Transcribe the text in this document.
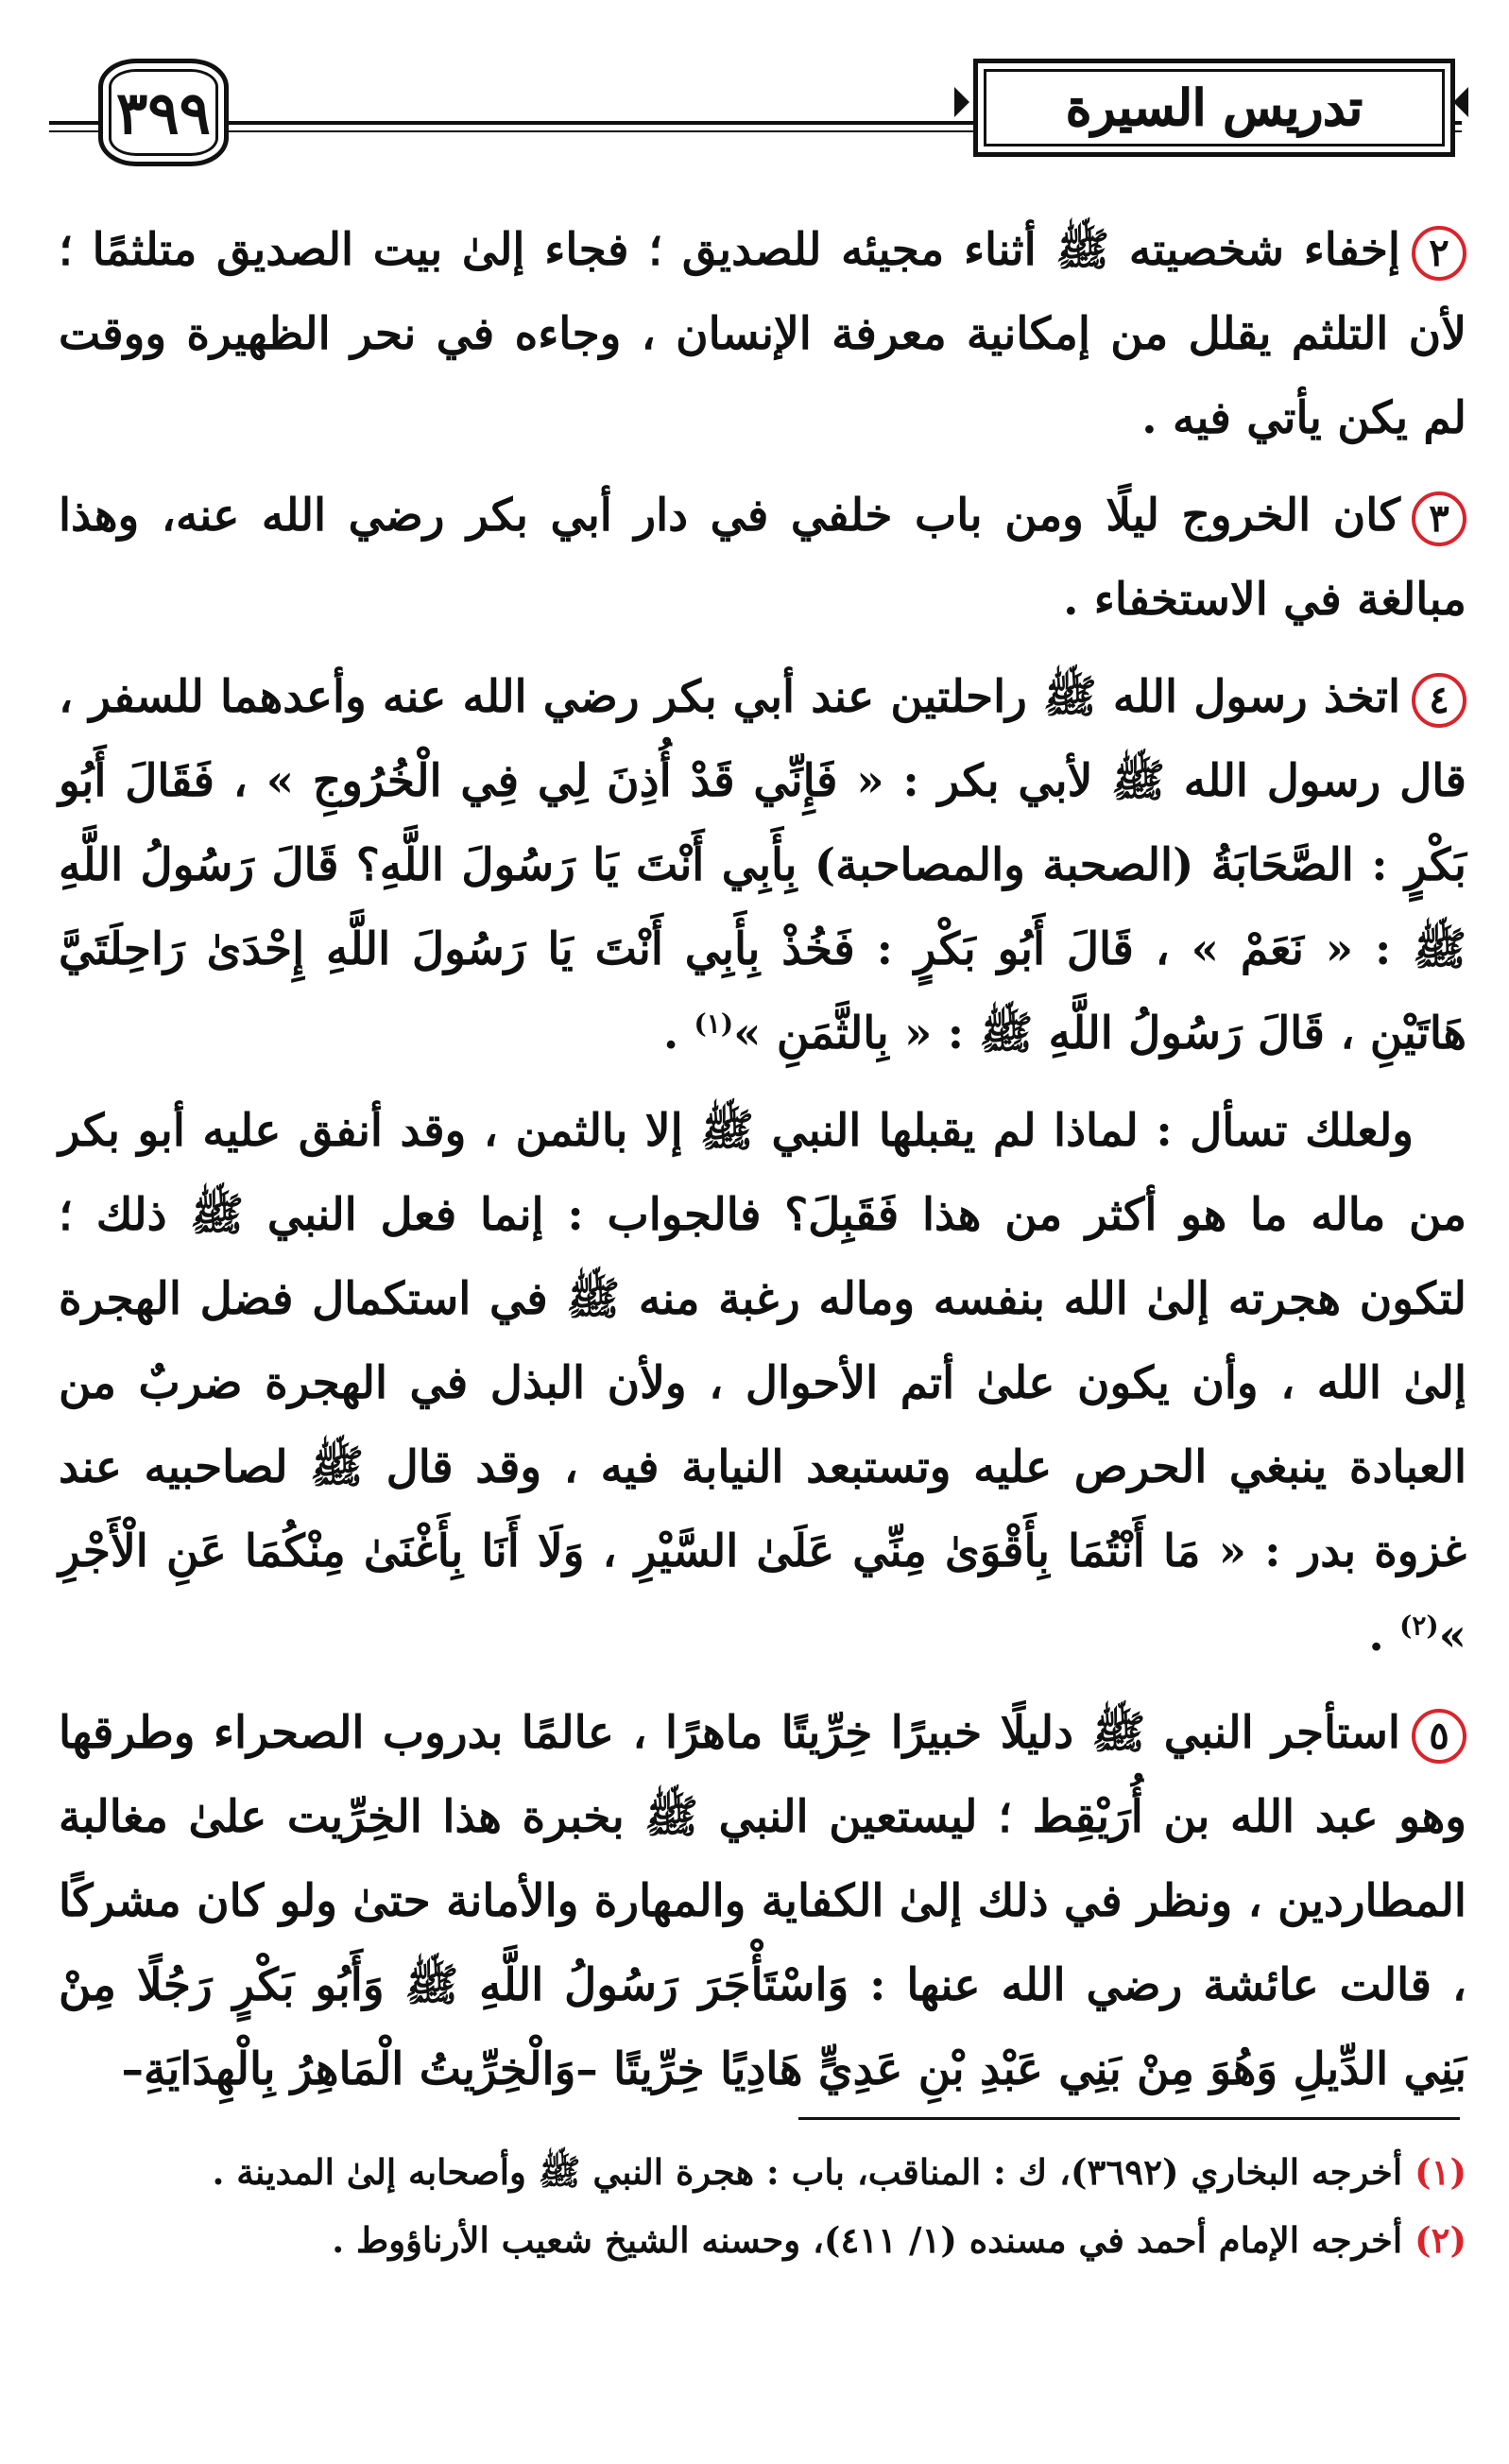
٣٩٩	تدريس السيرة

٢إخفاء شخصيته ﷺ أثناء مجيئه للصديق ؛ فجاء إلىٰ بيت الصديق متلثمًا ؛ لأن التلثم يقلل من إمكانية معرفة الإنسان ، وجاءه في نحر الظهيرة ووقت لم يكن يأتي فيه .

٣كان الخروج ليلًا ومن باب خلفي في دار أبي بكر رضي الله عنه، وهذا مبالغة في الاستخفاء .

٤اتخذ رسول الله ﷺ راحلتين عند أبي بكر رضي الله عنه وأعدهما للسفر ، قال رسول الله ﷺ لأبي بكر : « فَإِنِّي قَدْ أُذِنَ لِي فِي الْخُرُوجِ » ، فَقَالَ أَبُو بَكْرٍ : الصَّحَابَةُ (الصحبة والمصاحبة) بِأَبِي أَنْتَ يَا رَسُولَ اللَّهِ؟ قَالَ رَسُولُ اللَّهِ ﷺ : « نَعَمْ » ، قَالَ أَبُو بَكْرٍ : فَخُذْ بِأَبِي أَنْتَ يَا رَسُولَ اللَّهِ إِحْدَىٰ رَاحِلَتَيَّ هَاتَيْنِ ، قَالَ رَسُولُ اللَّهِ ﷺ : « بِالثَّمَنِ »$^{(١)}$ .

ولعلك تسأل : لماذا لم يقبلها النبي ﷺ إلا بالثمن ، وقد أنفق عليه أبو بكر من ماله ما هو أكثر من هذا فَقَبِلَ؟ فالجواب : إنما فعل النبي ﷺ ذلك ؛ لتكون هجرته إلىٰ الله بنفسه وماله رغبة منه ﷺ في استكمال فضل الهجرة إلىٰ الله ، وأن يكون علىٰ أتم الأحوال ، ولأن البذل في الهجرة ضربٌ من العبادة ينبغي الحرص عليه وتستبعد النيابة فيه ، وقد قال ﷺ لصاحبيه عند غزوة بدر : « مَا أَنْتُمَا بِأَقْوَىٰ مِنِّي عَلَىٰ السَّيْرِ ، وَلَا أَنَا بِأَغْنَىٰ مِنْكُمَا عَنِ الْأَجْرِ »$^{(٢)}$ .

٥استأجر النبي ﷺ دليلًا خبيرًا خِرِّيتًا ماهرًا ، عالمًا بدروب الصحراء وطرقها وهو عبد الله بن أُرَيْقِط ؛ ليستعين النبي ﷺ بخبرة هذا الخِرِّيت علىٰ مغالبة المطاردين ، ونظر في ذلك إلىٰ الكفاية والمهارة والأمانة حتىٰ ولو كان مشركًا ، قالت عائشة رضي الله عنها : وَاسْتَأْجَرَ رَسُولُ اللَّهِ ﷺ وَأَبُو بَكْرٍ رَجُلًا مِنْ بَنِي الدِّيلِ وَهُوَ مِنْ بَنِي عَبْدِ بْنِ عَدِيٍّ هَادِيًا خِرِّيتًا –وَالْخِرِّيتُ الْمَاهِرُ بِالْهِدَايَةِ–

(١) أخرجه البخاري (٣٦٩٢)، ك : المناقب، باب : هجرة النبي ﷺ وأصحابه إلىٰ المدينة .

(٢) أخرجه الإمام أحمد في مسنده (١/ ٤١١)، وحسنه الشيخ شعيب الأرناؤوط .
